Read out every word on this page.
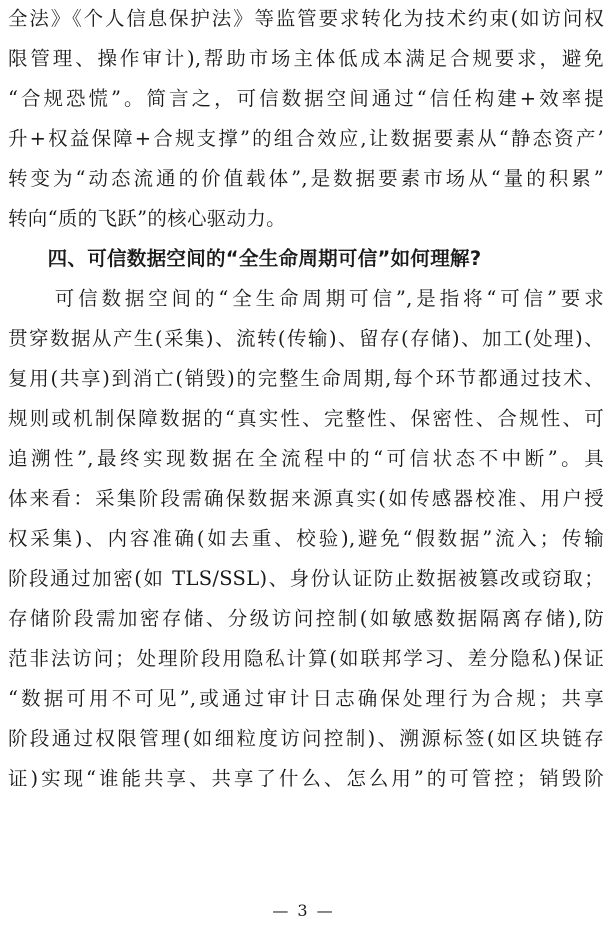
全法》《个人信息保护法》等监管要求转化为技术约束(如访问权
限管理、操作审计),帮助市场主体低成本满足合规要求，避免
“合规恐慌”。简言之，可信数据空间通过“信任构建+效率提
升+权益保障+合规支撑”的组合效应,让数据要素从“静态资产’
转变为“动态流通的价值载体”,是数据要素市场从“量的积累”
转向“质的飞跃”的核心驱动力。
　　四、可信数据空间的“全生命周期可信”如何理解?
　　可信数据空间的“全生命周期可信”,是指将“可信”要求
贯穿数据从产生(采集)、流转(传输)、留存(存储)、加工(处理)、
复用(共享)到消亡(销毁)的完整生命周期,每个环节都通过技术、
规则或机制保障数据的“真实性、完整性、保密性、合规性、可
追溯性”,最终实现数据在全流程中的“可信状态不中断”。具
体来看：采集阶段需确保数据来源真实(如传感器校准、用户授
权采集)、内容准确(如去重、校验),避免“假数据”流入；传输
阶段通过加密(如 TLS/SSL)、身份认证防止数据被篡改或窃取；
存储阶段需加密存储、分级访问控制(如敏感数据隔离存储),防
范非法访问；处理阶段用隐私计算(如联邦学习、差分隐私)保证
“数据可用不可见”,或通过审计日志确保处理行为合规；共享
阶段通过权限管理(如细粒度访问控制)、溯源标签(如区块链存
证)实现“谁能共享、共享了什么、怎么用”的可管控；销毁阶
— 3 —
